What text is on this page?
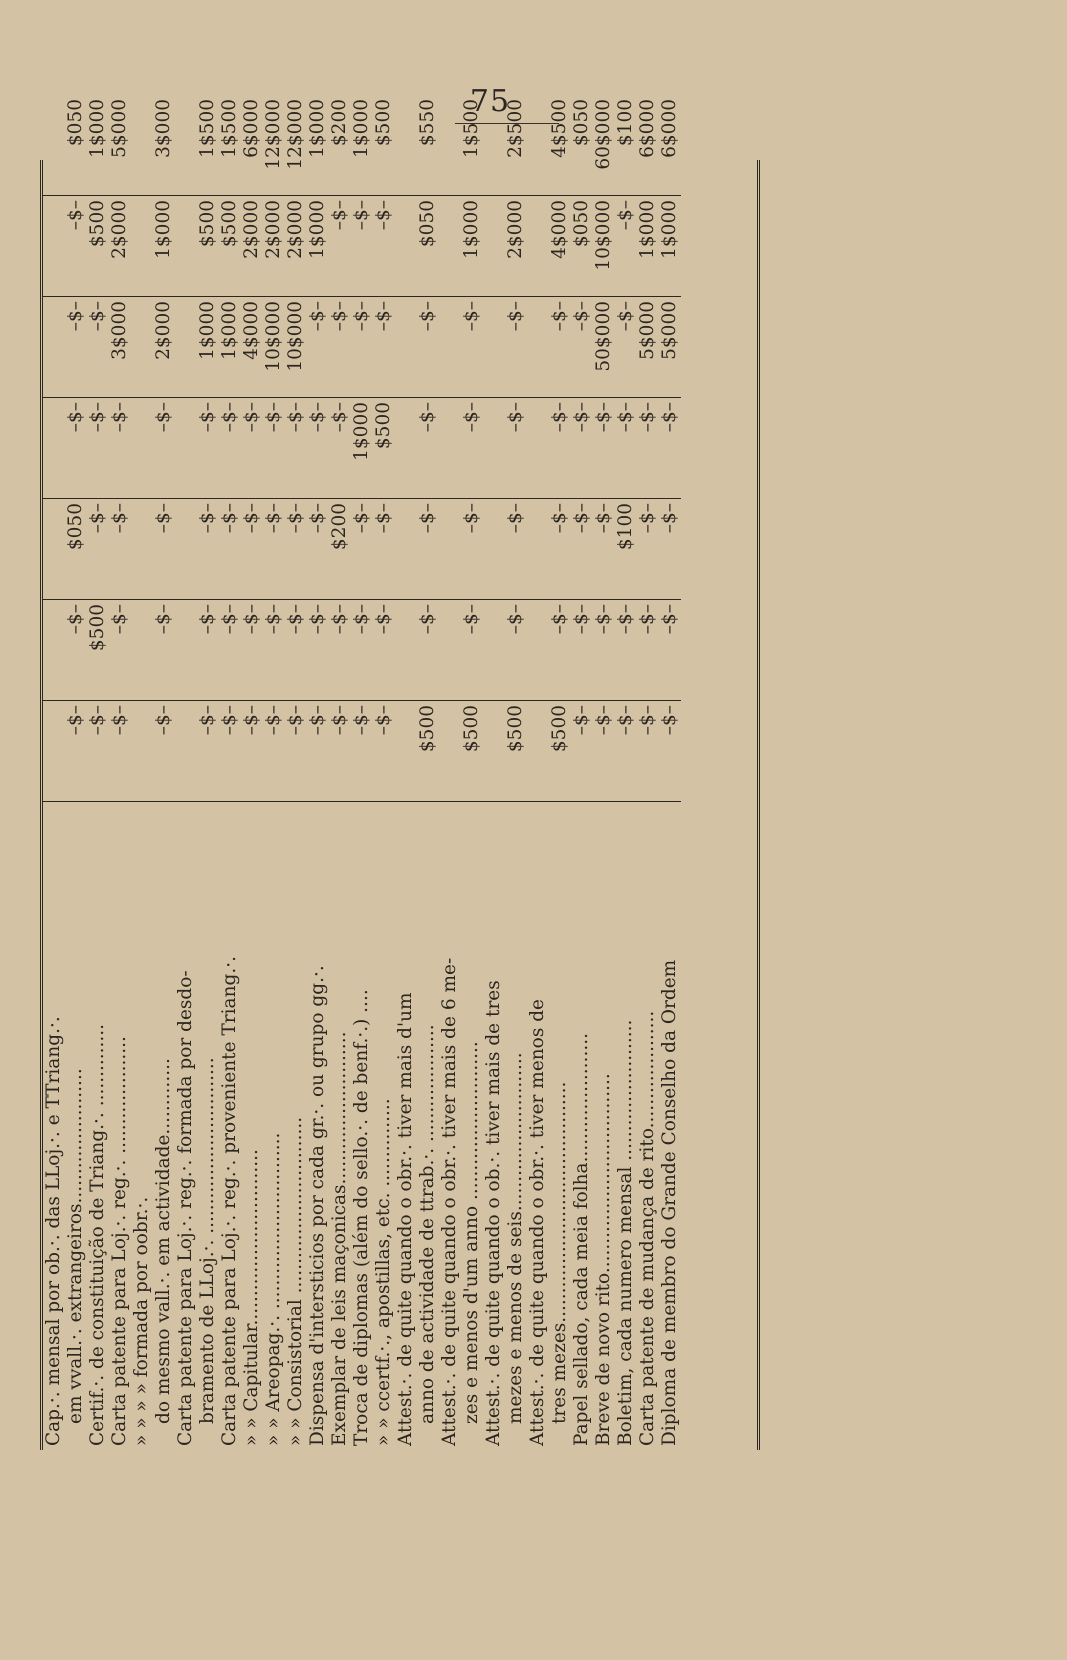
75
Cap.·. mensal por ob.·. das LLoj.·. e TTriang.·.							
em vvall.·. extrangeiros.......................	–$–	–$–	$050	–$–	–$–	–$–	$050
Certif.·. de constituição de Triang.·. ..............	–$–	$500	–$–	–$–	–$–	$500	1$000
Carta patente para Loj.·. reg.·. ....................	–$–	–$–	–$–	–$–	3$000	2$000	5$000
» » » » formada por oobr.·.							
do mesmo vall.·. em actividade.............	–$–	–$–	–$–	–$–	2$000	1$000	3$000
Carta patente para Loj.·. reg.·. formada por desdo-							
bramento de LLoj.·. ..............................	–$–	–$–	–$–	–$–	1$000	$500	1$500
Carta patente para Loj.·. reg.·. proveniente Triang.·.	–$–	–$–	–$–	–$–	1$000	$500	1$500
» » Capitular..............................	–$–	–$–	–$–	–$–	4$000	2$000	6$000
» » Areopag.·. ..............................	–$–	–$–	–$–	–$–	10$000	2$000	12$000
» » Consistorial ..............................	–$–	–$–	–$–	–$–	10$000	2$000	12$000
Dispensa d'intersticios por cada gr.·. ou grupo gg.·.	–$–	–$–	–$–	–$–	–$–	1$000	1$000
Exemplar de leis maçonicas..........................	–$–	–$–	$200	–$–	–$–	–$–	$200
Troca de diplomas (além do sello.·. de benf.·.) ....	–$–	–$–	–$–	1$000	–$–	–$–	1$000
» » ccertf.·., apostillas, etc. ...............	–$–	–$–	–$–	$500	–$–	–$–	$500
Attest.·. de quite quando o obr.·. tiver mais d'um							
anno de actividade de ttrab.·. ....................	$500	–$–	–$–	–$–	–$–	$050	$550
Attest.·. de quite quando o obr.·. tiver mais de 6 me-							
zes e menos d'um anno ...........................	$500	–$–	–$–	–$–	–$–	1$000	1$500
Attest.·. de quite quando o ob.·. tiver mais de tres							
mezes e menos de seis...........................	$500	–$–	–$–	–$–	–$–	2$000	2$500
Attest.·. de quite quando o obr.·. tiver menos de							
tres mezes.........................................	$500	–$–	–$–	–$–	–$–	4$000	4$500
Papel sellado, cada meia folha......................	–$–	–$–	–$–	–$–	–$–	$050	$050
Breve de novo rito..................................	–$–	–$–	–$–	–$–	50$000	10$000	60$000
Boletim, cada numero mensal ........................	–$–	–$–	$100	–$–	–$–	–$–	$100
Carta patente de mudança de rito....................	–$–	–$–	–$–	–$–	5$000	1$000	6$000
Diploma de membro do Grande Conselho da Ordem	–$–	–$–	–$–	–$–	5$000	1$000	6$000
